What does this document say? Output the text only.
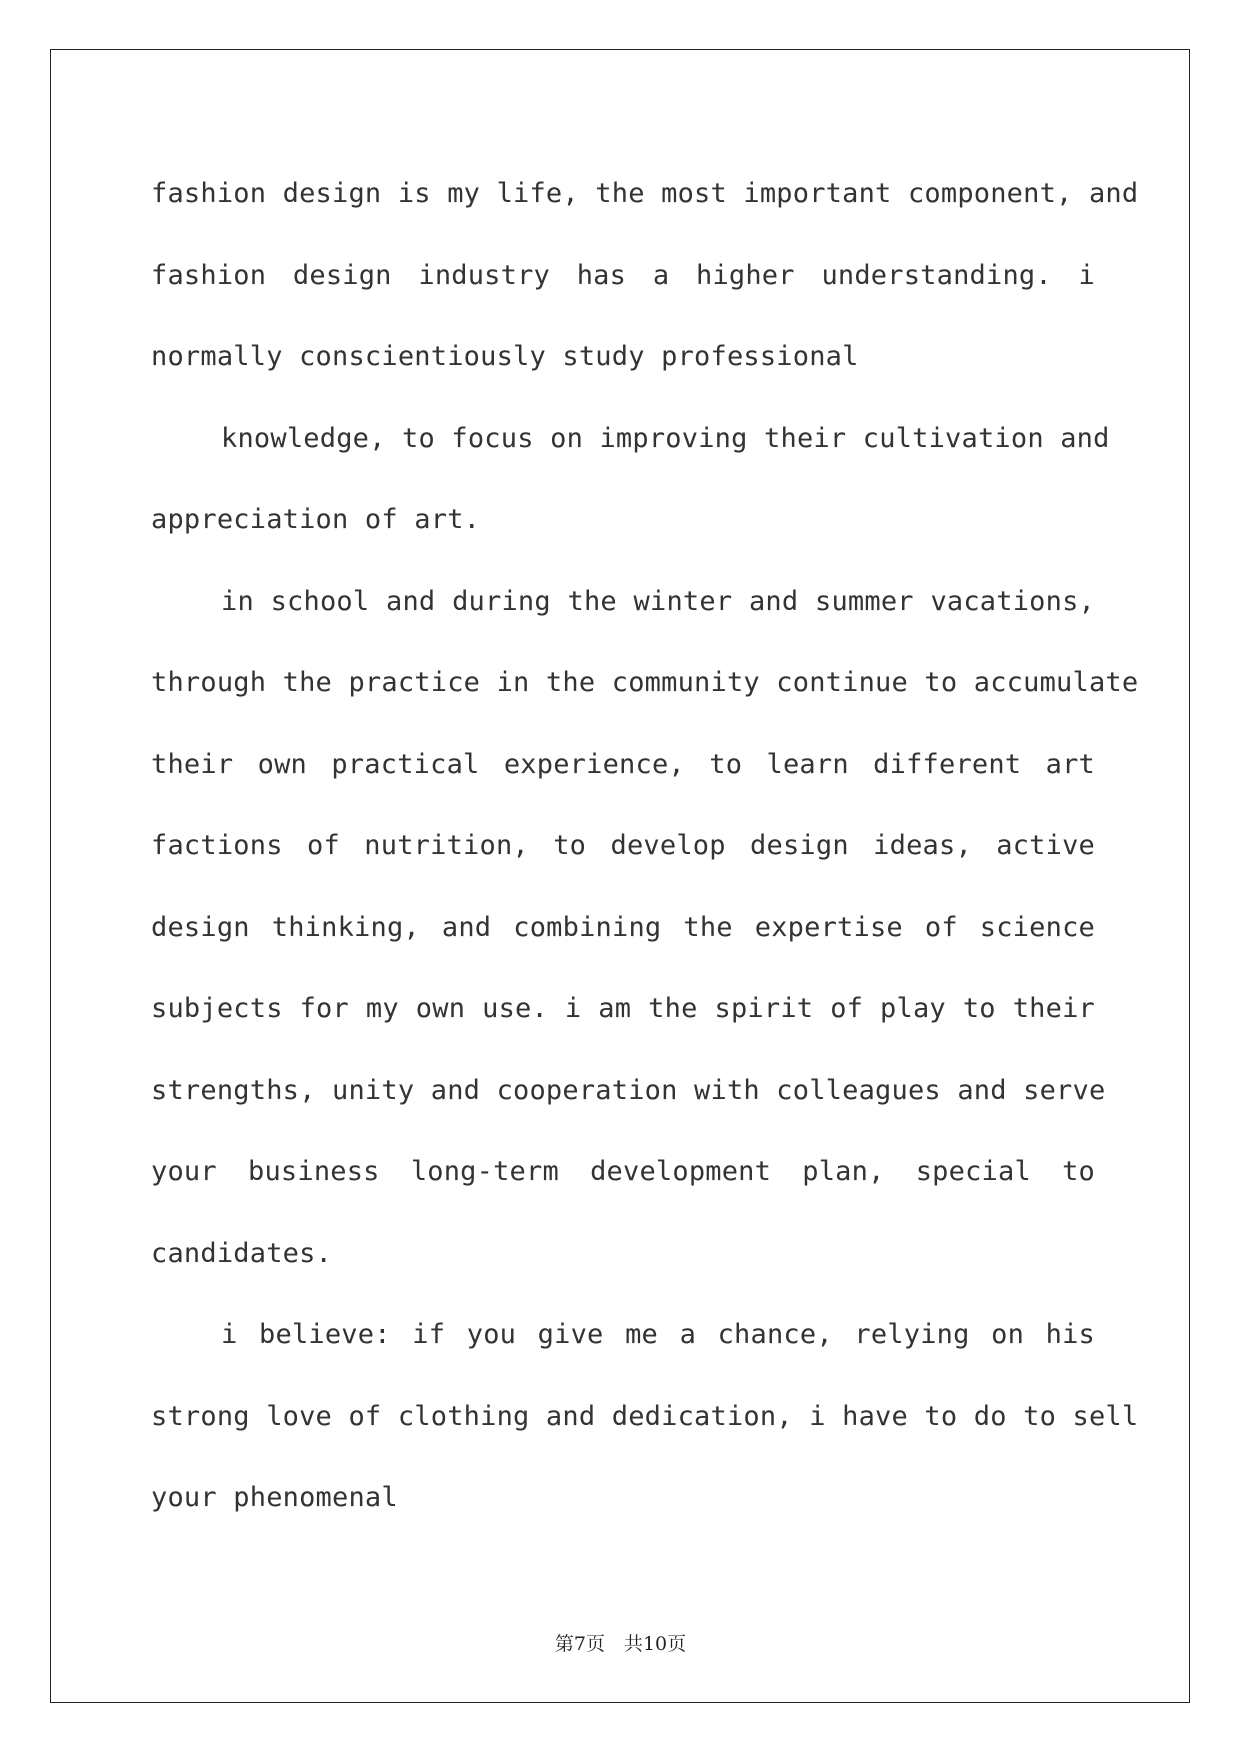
fashion design is my life, the most important component, and
fashion design industry has a higher understanding. i
normally conscientiously study professional
knowledge, to focus on improving their cultivation and
appreciation of art.
in school and during the winter and summer vacations,
through the practice in the community continue to accumulate
their own practical experience, to learn different art
factions of nutrition, to develop design ideas, active
design thinking, and combining the expertise of science
subjects for my own use. i am the spirit of play to their
strengths, unity and cooperation with colleagues and serve
your business long-term development plan, special to
candidates.
i believe: if you give me a chance, relying on his
strong love of clothing and dedication, i have to do to sell
your phenomenal
第7页　共10页
